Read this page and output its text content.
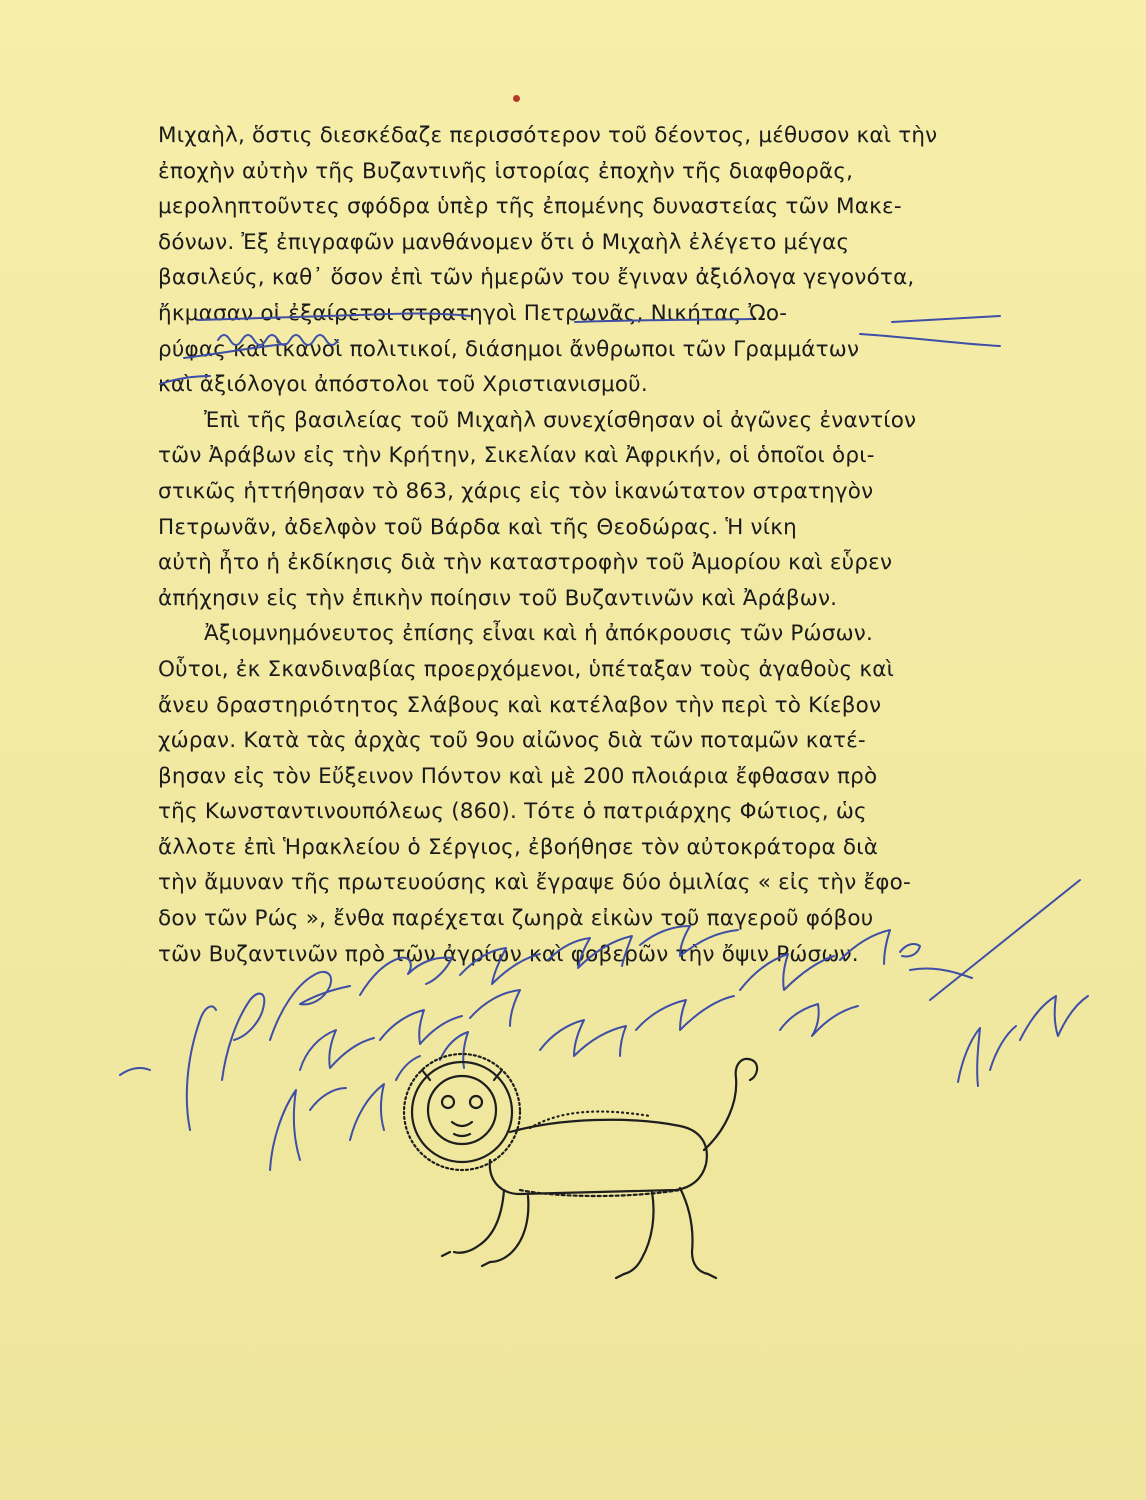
Μιχαὴλ, ὅστις διεσκέδαζε περισσότερον τοῦ δέοντος, μέθυσον καὶ τὴν
ἐποχὴν αὐτὴν τῆς Βυζαντινῆς ἱστορίας ἐποχὴν τῆς διαφθορᾶς,
μεροληπτοῦντες σφόδρα ὑπὲρ τῆς ἐπομένης δυναστείας τῶν Μακε-
δόνων. Ἐξ ἐπιγραφῶν μανθάνομεν ὅτι ὁ Μιχαὴλ ἐλέγετο μέγας
βασιλεύς, καθ᾽ ὅσον ἐπὶ τῶν ἡμερῶν του ἔγιναν ἀξιόλογα γεγονότα,
ἤκμασαν οἱ ἐξαίρετοι στρατηγοὶ Πετρωνᾶς, Νικήτας Ὠο-
ρύφας καὶ ἱκανοὶ πολιτικοί, διάσημοι ἄνθρωποι τῶν Γραμμάτων
καὶ ἀξιόλογοι ἀπόστολοι τοῦ Χριστιανισμοῦ.
Ἐπὶ τῆς βασιλείας τοῦ Μιχαὴλ συνεχίσθησαν οἱ ἀγῶνες ἐναντίον
τῶν Ἀράβων εἰς τὴν Κρήτην, Σικελίαν καὶ Ἀφρικήν, οἱ ὁποῖοι ὁρι-
στικῶς ἡττήθησαν τὸ 863, χάρις εἰς τὸν ἱκανώτατον στρατηγὸν
Πετρωνᾶν, ἀδελφὸν τοῦ Βάρδα καὶ τῆς Θεοδώρας. Ἡ νίκη
αὐτὴ ἦτο ἡ ἐκδίκησις διὰ τὴν καταστροφὴν τοῦ Ἀμορίου καὶ εὗρεν
ἀπήχησιν εἰς τὴν ἐπικὴν ποίησιν τοῦ Βυζαντινῶν καὶ Ἀράβων.
Ἀξιομνημόνευτος ἐπίσης εἶναι καὶ ἡ ἀπόκρουσις τῶν Ρώσων.
Οὗτοι, ἐκ Σκανδιναβίας προερχόμενοι, ὑπέταξαν τοὺς ἀγαθοὺς καὶ
ἄνευ δραστηριότητος Σλάβους καὶ κατέλαβον τὴν περὶ τὸ Κίεβον
χώραν. Κατὰ τὰς ἀρχὰς τοῦ 9ου αἰῶνος διὰ τῶν ποταμῶν κατέ-
βησαν εἰς τὸν Εὔξεινον Πόντον καὶ μὲ 200 πλοιάρια ἔφθασαν πρὸ
τῆς Κωνσταντινουπόλεως (860). Τότε ὁ πατριάρχης Φώτιος, ὡς
ἄλλοτε ἐπὶ Ἡρακλείου ὁ Σέργιος, ἐβοήθησε τὸν αὐτοκράτορα διὰ
τὴν ἄμυναν τῆς πρωτευούσης καὶ ἔγραψε δύο ὁμιλίας « εἰς τὴν ἔφο-
δον τῶν Ρώς », ἔνθα παρέχεται ζωηρὰ εἰκὼν τοῦ παγεροῦ φόβου
τῶν Βυζαντινῶν πρὸ τῶν ἀγρίων καὶ φοβερῶν τὴν ὄψιν Ρώσων.
